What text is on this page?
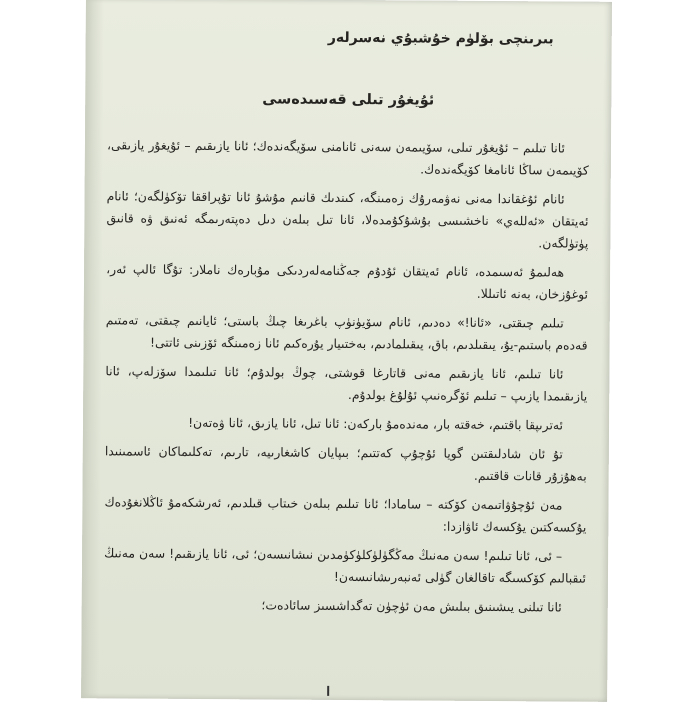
بىرىنچى بۆلۈم خۇشبۇي نەسرلەر
ئۇيغۇر تىلى قەسىدەسى

ئانا تىلىم – ئۇيغۇر تىلى، سۆيىمەن سەنى ئانامنى سۆيگەندەك؛ ئانا يازىقىم – ئۇيغۇر يازىقى، كۆيىمەن ساڭا ئانامغا كۆيگەندەك.

ئانام ئۇغقاندا مەنى نەۋمەرۇك زەمىنگە، كىندىك قانىم مۇشۇ ئانا تۇپراققا تۆكۈلگەن؛ ئانام ئەيتقان «ئەللەي» ناخشىسى بۇشۇكۇمدەلا، ئانا تىل بىلەن دىل دەپتەرىمگە ئەنىق ۋە قانىق پۈتۈلگەن.

ھەلىمۇ ئەسىمدە، ئانام ئەيتقان ئۇدۇم جەڭنامەلەردىكى مۇبارەك ناملار: تۇگا ئالپ ئەر، ئوغۇزخان، بەنە ئاتىللا.

تىلىم چىقتى، «ئانا!» دەدىم، ئانام سۆيۈنۈپ باغرىغا چىڭ باستى؛ ئايانىم چىقتى، تەمتىم قەدەم باستىم-يۇ، يىقىلدىم، باق، يىقىلمادىم، بەختىيار يۇرەكىم ئانا زەمىنگە ئۆزىنى ئاتتى!

ئانا تىلىم، ئانا يازىقىم مەنى قاتارغا قوشتى، چوڭ بولدۇم؛ ئانا تىلىمدا سۆزلەپ، ئانا يازىقىمدا يازىپ – تىلىم ئۆگرەنىپ ئۇلۇغ بولدۇم.

ئەترىپقا باقتىم، خەقتە بار، مەندەمۇ باركەن: ئانا تىل، ئانا يازىق، ئانا ۋەتەن!

تۇ ئان شادلىقتىن گويا ئۇچۇپ كەتتىم؛ بىپايان كاشغارىيە، تارىم، تەكلىماكان ئاسمىنىدا بەھۇزۇر قانات قاقتىم.

مەن ئۇچۇۋاتىمەن كۆكتە – سامادا؛ ئانا تىلىم بىلەن خىتاب قىلدىم، ئەرشكەمۇ ئاڭلانغۇدەك يۇكسەكتىن يۇكسەك ئاۋازدا:

– ئى، ئانا تىلىم! سەن مەنىڭ مەڭگۈلۈكلۈكۈمدىن نىشانىسەن؛ ئى، ئانا يازىقىم! سەن مەنىڭ ئىقبالىم كۆكسىگە تاقالغان گۈلى ئەنبەرىشانىسەن!

ئانا تىلنى يىشىنىق بىلىش مەن ئۈچۈن تەگداشسىز سائادەت؛
